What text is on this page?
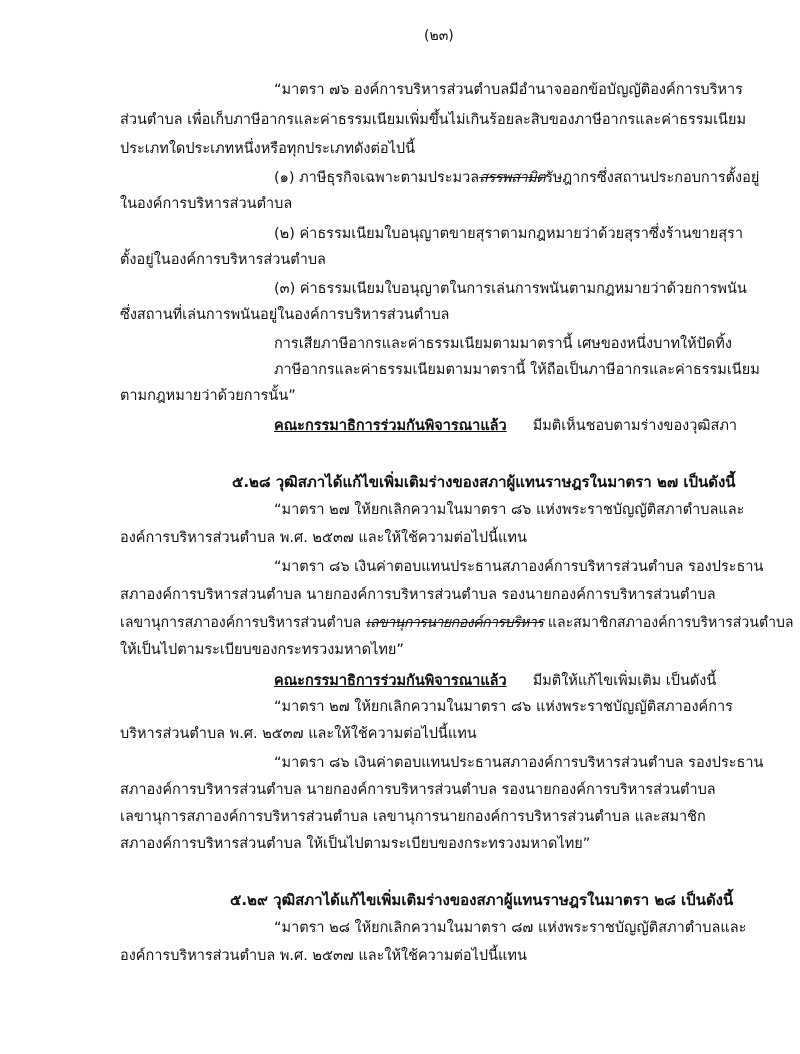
(๒๓)
“มาตรา ๗๖ องค์การบริหารส่วนตำบลมีอำนาจออกข้อบัญญัติองค์การบริหาร
ส่วนตำบล เพื่อเก็บภาษีอากรและค่าธรรมเนียมเพิ่มขึ้นไม่เกินร้อยละสิบของภาษีอากรและค่าธรรมเนียม
ประเภทใดประเภทหนึ่งหรือทุกประเภทดังต่อไปนี้
(๑) ภาษีธุรกิจเฉพาะตามประมวลสรรพสามิตรัษฎากรซึ่งสถานประกอบการตั้งอยู่
ในองค์การบริหารส่วนตำบล
(๒) ค่าธรรมเนียมใบอนุญาตขายสุราตามกฎหมายว่าด้วยสุราซึ่งร้านขายสุรา
ตั้งอยู่ในองค์การบริหารส่วนตำบล
(๓) ค่าธรรมเนียมใบอนุญาตในการเล่นการพนันตามกฎหมายว่าด้วยการพนัน
ซึ่งสถานที่เล่นการพนันอยู่ในองค์การบริหารส่วนตำบล
การเสียภาษีอากรและค่าธรรมเนียมตามมาตรานี้ เศษของหนึ่งบาทให้ปัดทิ้ง
ภาษีอากรและค่าธรรมเนียมตามมาตรานี้ ให้ถือเป็นภาษีอากรและค่าธรรมเนียม
ตามกฎหมายว่าด้วยการนั้น”
คณะกรรมาธิการร่วมกันพิจารณาแล้ว มีมติเห็นชอบตามร่างของวุฒิสภา
๕.๒๘ วุฒิสภาได้แก้ไขเพิ่มเติมร่างของสภาผู้แทนราษฎรในมาตรา ๒๗ เป็นดังนี้
“มาตรา ๒๗ ให้ยกเลิกความในมาตรา ๘๖ แห่งพระราชบัญญัติสภาตำบลและ
องค์การบริหารส่วนตำบล พ.ศ. ๒๕๓๗ และให้ใช้ความต่อไปนี้แทน
“มาตรา ๘๖ เงินค่าตอบแทนประธานสภาองค์การบริหารส่วนตำบล รองประธาน
สภาองค์การบริหารส่วนตำบล นายกองค์การบริหารส่วนตำบล รองนายกองค์การบริหารส่วนตำบล
เลขานุการสภาองค์การบริหารส่วนตำบล เลขานุการนายกองค์การบริหาร และสมาชิกสภาองค์การบริหารส่วนตำบล
ให้เป็นไปตามระเบียบของกระทรวงมหาดไทย”
คณะกรรมาธิการร่วมกันพิจารณาแล้ว มีมติให้แก้ไขเพิ่มเติม เป็นดังนี้
“มาตรา ๒๗ ให้ยกเลิกความในมาตรา ๘๖ แห่งพระราชบัญญัติสภาองค์การ
บริหารส่วนตำบล พ.ศ. ๒๕๓๗ และให้ใช้ความต่อไปนี้แทน
“มาตรา ๘๖ เงินค่าตอบแทนประธานสภาองค์การบริหารส่วนตำบล รองประธาน
สภาองค์การบริหารส่วนตำบล นายกองค์การบริหารส่วนตำบล รองนายกองค์การบริหารส่วนตำบล
เลขานุการสภาองค์การบริหารส่วนตำบล เลขานุการนายกองค์การบริหารส่วนตำบล และสมาชิก
สภาองค์การบริหารส่วนตำบล ให้เป็นไปตามระเบียบของกระทรวงมหาดไทย”
๕.๒๙ วุฒิสภาได้แก้ไขเพิ่มเติมร่างของสภาผู้แทนราษฎรในมาตรา ๒๘ เป็นดังนี้
“มาตรา ๒๘ ให้ยกเลิกความในมาตรา ๘๗ แห่งพระราชบัญญัติสภาตำบลและ
องค์การบริหารส่วนตำบล พ.ศ. ๒๕๓๗ และให้ใช้ความต่อไปนี้แทน
